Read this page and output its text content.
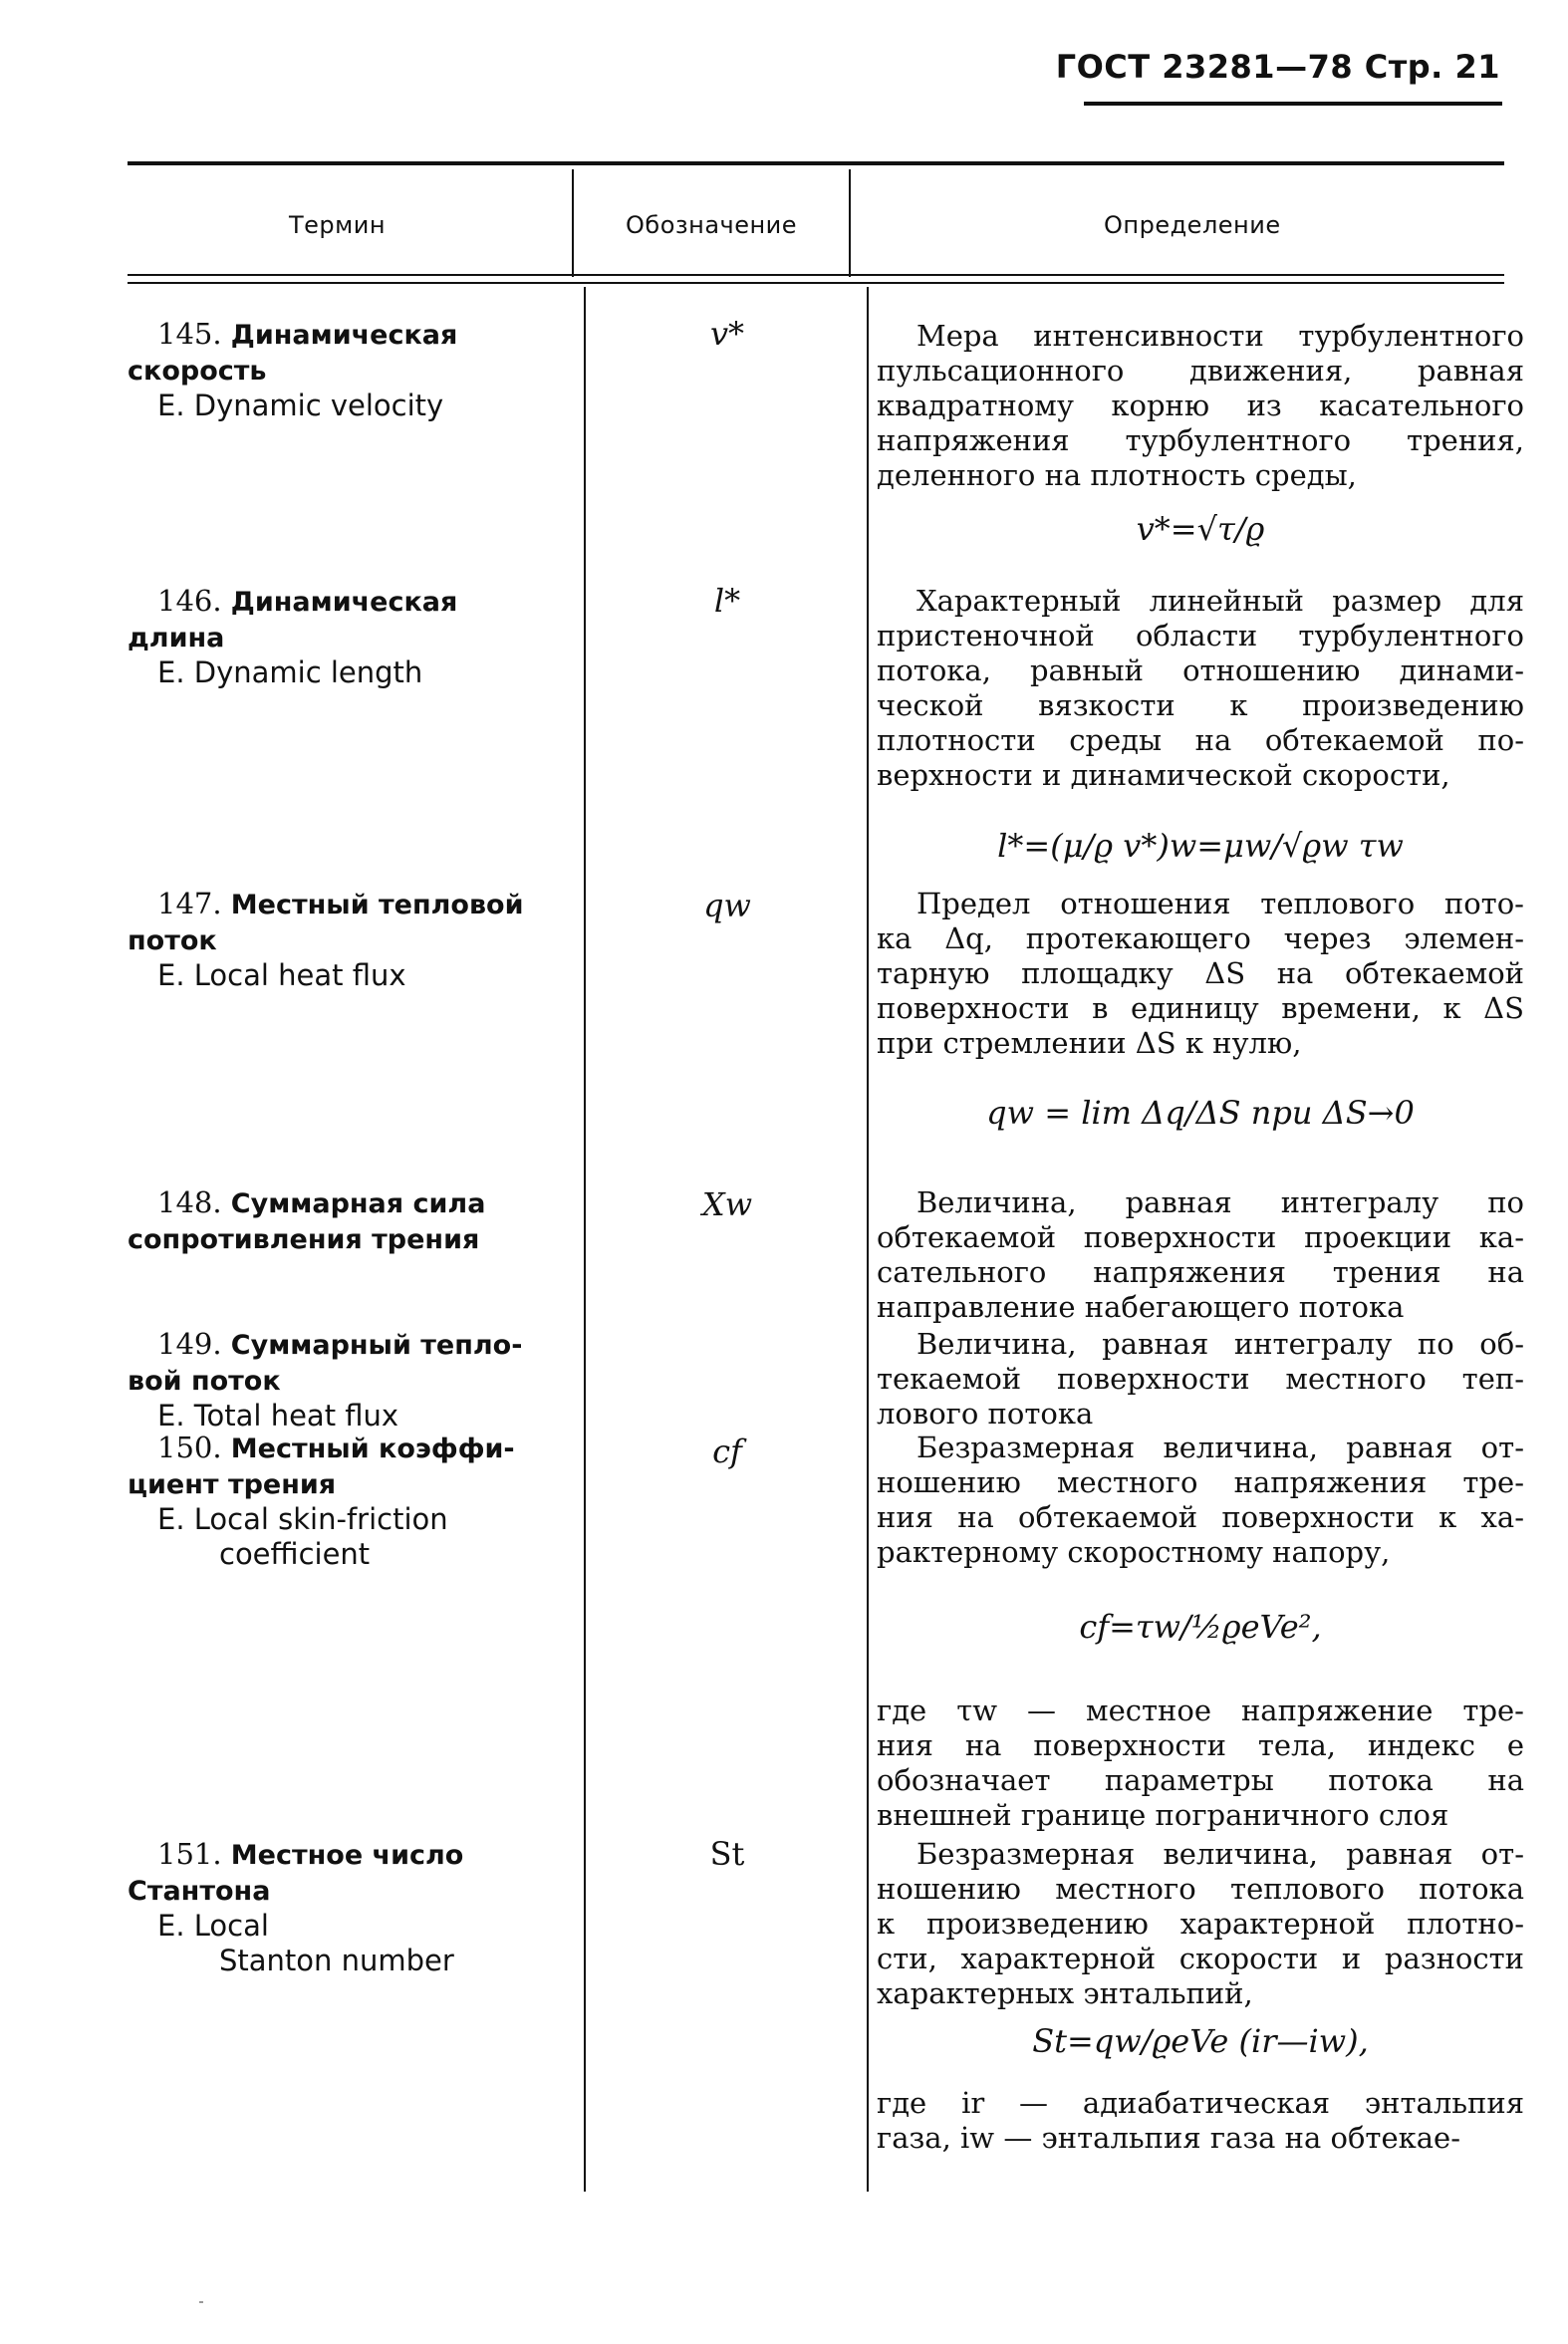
ГОСТ 23281—78 Стр. 21
Термин	Обозначение	Определение
145. Динамическая
скорость
E. Dynamic velocity
v*	Мера интенсивности турбулентного
пульсационного движения, равная
квадратному корню из касательного
напряжения турбулентного трения,
деленного на плотность среды,
v*=√τ/ϱ
146. Динамическая
длина
E. Dynamic length
l*	Характерный линейный размер для
пристеночной области турбулентного
потока, равный отношению динами-
ческой вязкости к произведению
плотности среды на обтекаемой по-
верхности и динамической скорости,
l*=(μ/ϱ v*)w=μw/√ϱw τw
147. Местный тепловой
поток
E. Local heat flux
qw	Предел отношения теплового пото-
ка Δq, протекающего через элемен-
тарную площадку ΔS на обтекаемой
поверхности в единицу времени, к ΔS
при стремлении ΔS к нулю,
qw = lim Δq/ΔS при ΔS→0
148. Суммарная сила
сопротивления трения
Xw	Величина, равная интегралу по
обтекаемой поверхности проекции ка-
сательного напряжения трения на
направление набегающего потока
149. Суммарный тепло-
вой поток
E. Total heat flux
Величина, равная интегралу по об-
текаемой поверхности местного теп-
лового потока
150. Местный коэффи-
циент трения
E. Local skin-friction
coefficient
cf	Безразмерная величина, равная от-
ношению местного напряжения тре-
ния на обтекаемой поверхности к ха-
рактерному скоростному напору,
cf=τw/½ϱeVe²,
где τw — местное напряжение тре-
ния на поверхности тела, индекс e
обозначает параметры потока на
внешней границе пограничного слоя
151. Местное число
Стантона
E. Local
Stanton number
St	Безразмерная величина, равная от-
ношению местного теплового потока
к произведению характерной плотно-
сти, характерной скорости и разности
характерных энтальпий,
St=qw/ϱeVe (ir—iw),
где ir — адиабатическая энтальпия
газа, iw — энтальпия газа на обтекае-
